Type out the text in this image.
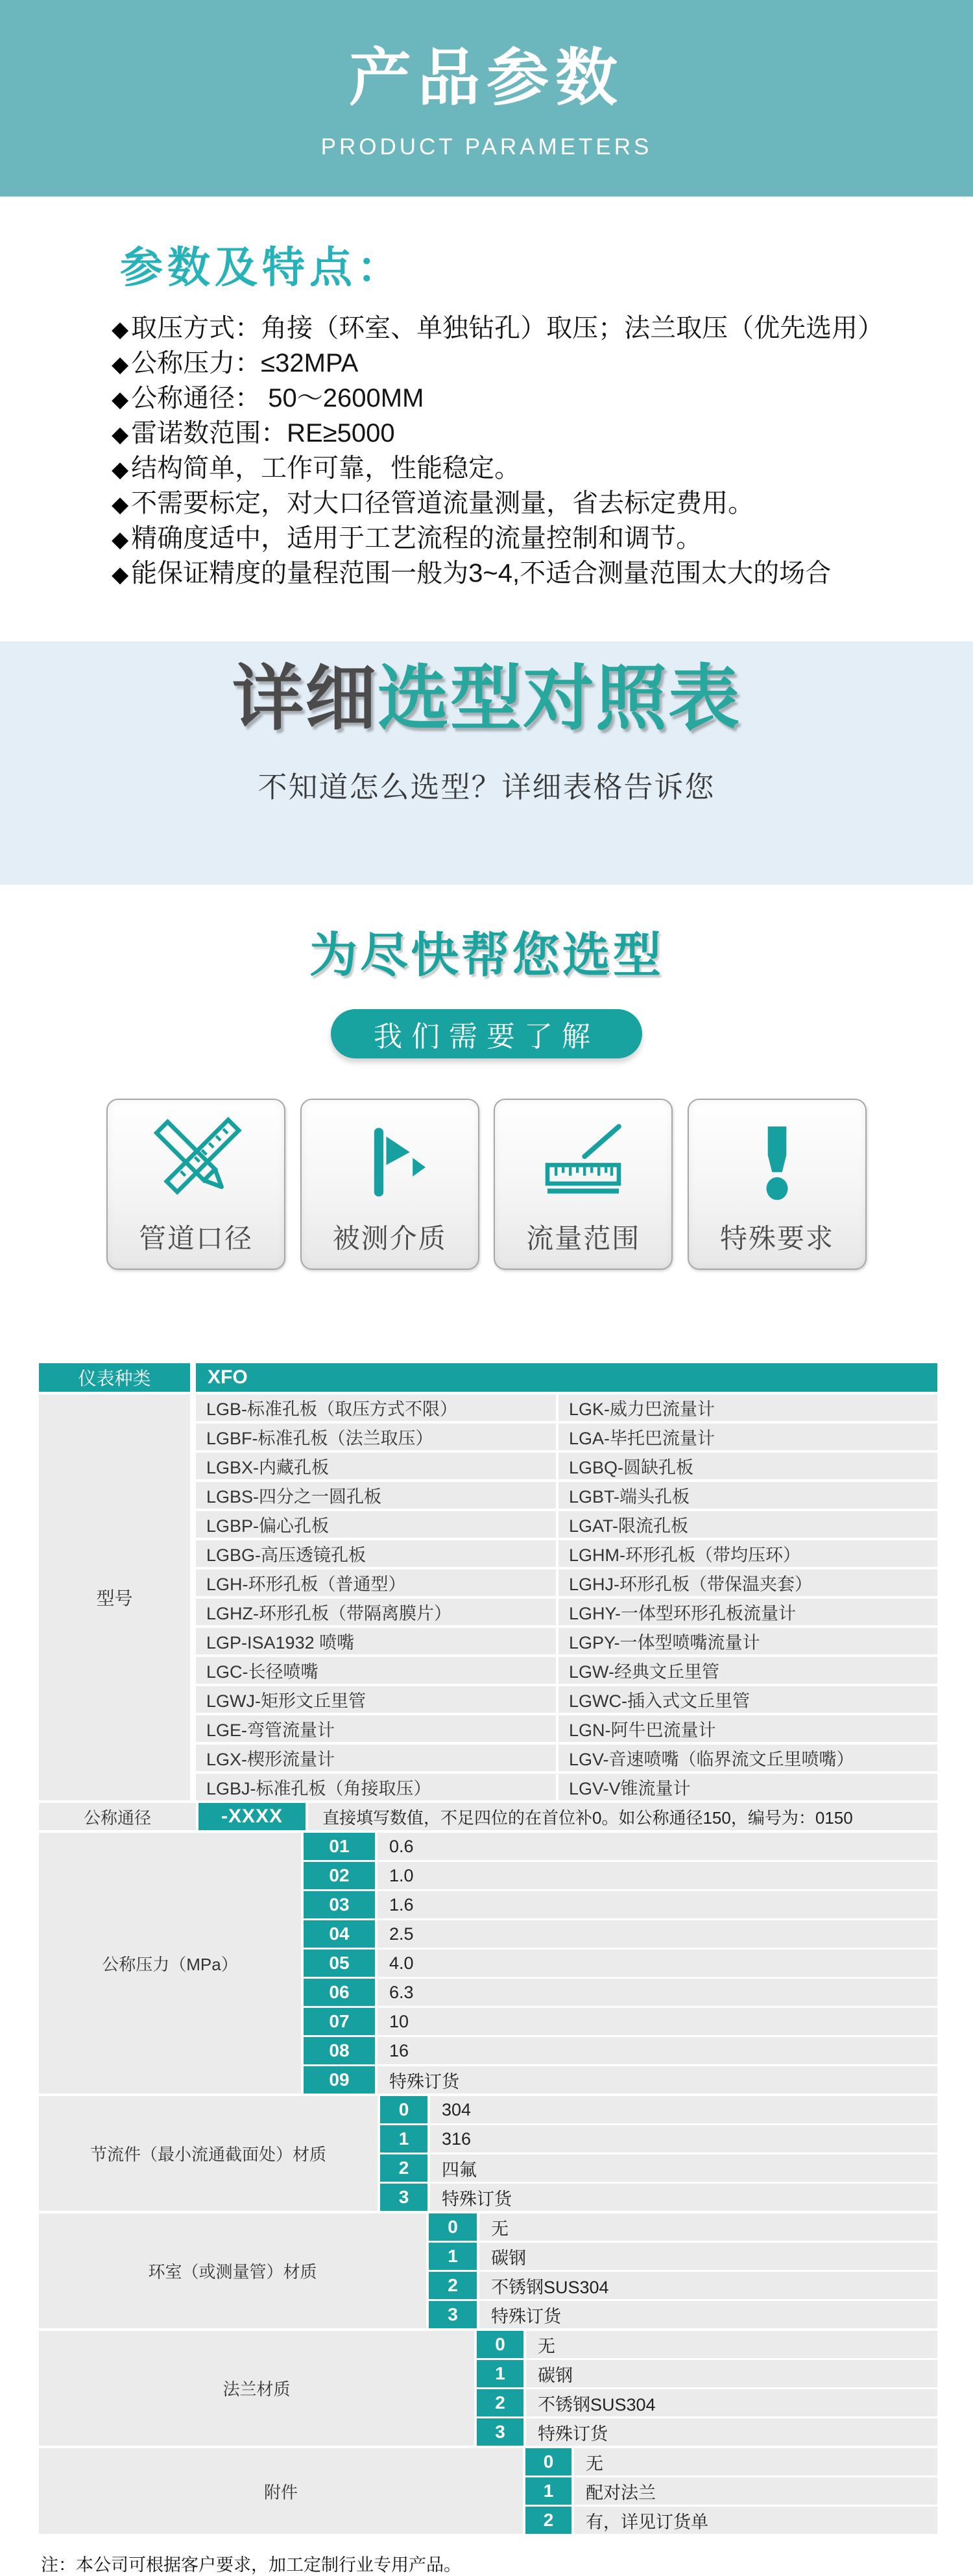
产品参数
PRODUCT PARAMETERS
参数及特点：
◆ 取压方式：角接（环室、单独钻孔）取压；法兰取压（优先选用）
◆ 公称压力：≤32MPA
◆ 公称通径： 50～2600MM
◆ 雷诺数范围：RE≥5000
◆ 结构简单，工作可靠，性能稳定。
◆ 不需要标定，对大口径管道流量测量，省去标定费用。
◆ 精确度适中，适用于工艺流程的流量控制和调节。
◆ 能保证精度的量程范围一般为3~4,不适合测量范围太大的场合
详细选型对照表
不知道怎么选型？详细表格告诉您
为尽快帮您选型
我们需要了解
管道口径	被测介质	流量范围	特殊要求
仪表种类	XFO
型号
LGB-标准孔板（取压方式不限）	LGK-威力巴流量计
LGBF-标准孔板（法兰取压）	LGA-毕托巴流量计
LGBX-内藏孔板	LGBQ-圆缺孔板
LGBS-四分之一圆孔板	LGBT-端头孔板
LGBP-偏心孔板	LGAT-限流孔板
LGBG-高压透镜孔板	LGHM-环形孔板（带均压环）
LGH-环形孔板（普通型）	LGHJ-环形孔板（带保温夹套）
LGHZ-环形孔板（带隔离膜片）	LGHY-一体型环形孔板流量计
LGP-ISA1932 喷嘴	LGPY-一体型喷嘴流量计
LGC-长径喷嘴	LGW-经典文丘里管
LGWJ-矩形文丘里管	LGWC-插入式文丘里管
LGE-弯管流量计	LGN-阿牛巴流量计
LGX-楔形流量计	LGV-音速喷嘴（临界流文丘里喷嘴）
LGBJ-标准孔板（角接取压）	LGV-V锥流量计
公称通径	-XXXX	直接填写数值，不足四位的在首位补0。如公称通径150，编号为：0150
公称压力（MPa）
01	0.6
02	1.0
03	1.6
04	2.5
05	4.0
06	6.3
07	10
08	16
09	特殊订货
节流件（最小流通截面处）材质
0	304
1	316
2	四氟
3	特殊订货
环室（或测量管）材质
0	无
1	碳钢
2	不锈钢SUS304
3	特殊订货
法兰材质
0	无
1	碳钢
2	不锈钢SUS304
3	特殊订货
附件
0	无
1	配对法兰
2	有，详见订货单
注：本公司可根据客户要求，加工定制行业专用产品。
